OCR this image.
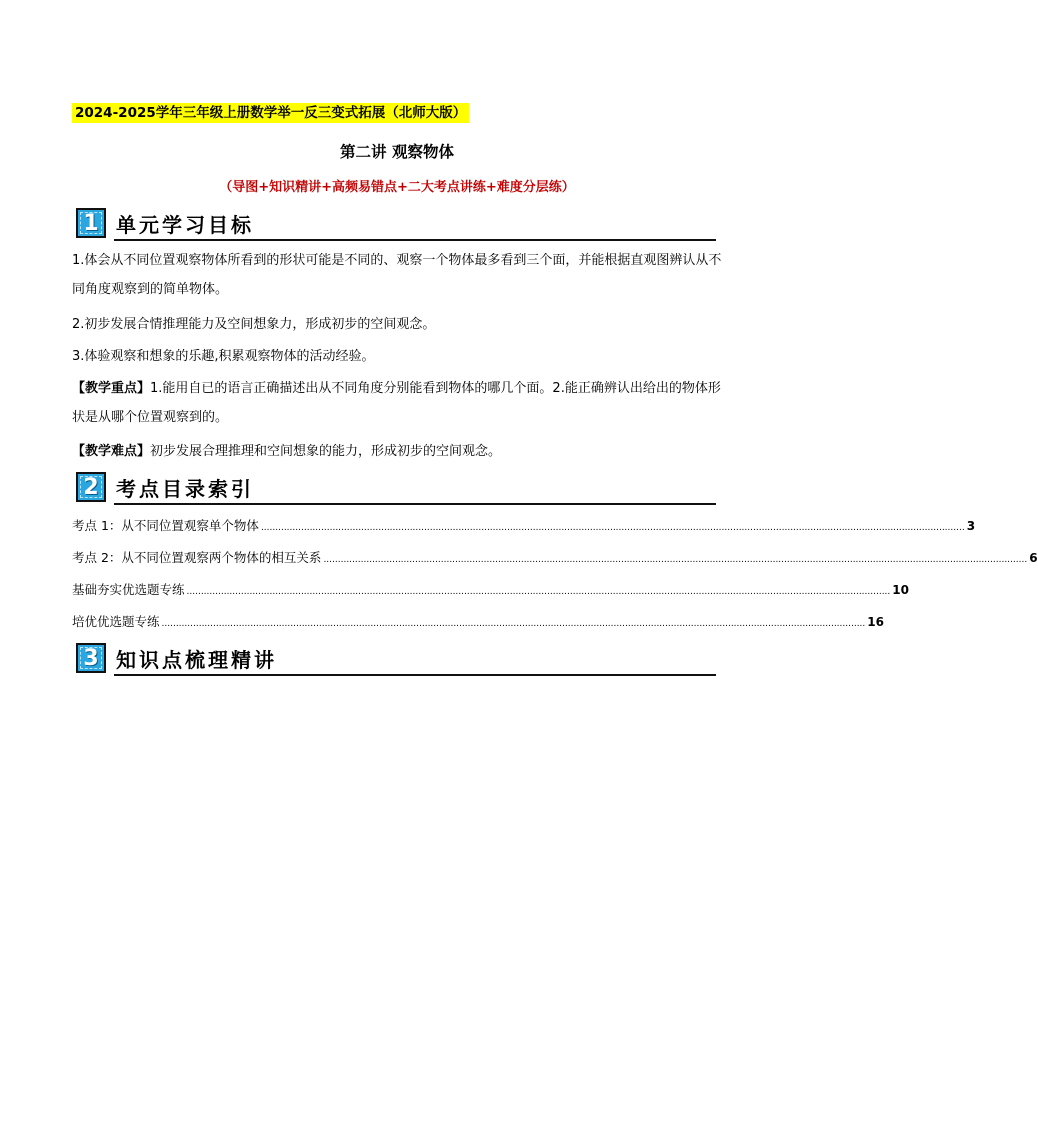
2024-2025学年三年级上册数学举一反三变式拓展（北师大版）
第二讲 观察物体
（导图+知识精讲+高频易错点+二大考点讲练+难度分层练）
1 单元学习目标
1.体会从不同位置观察物体所看到的形状可能是不同的、观察一个物体最多看到三个面，并能根据直观图辨认从不同角度观察到的简单物体。
2.初步发展合情推理能力及空间想象力，形成初步的空间观念。
3.体验观察和想象的乐趣,积累观察物体的活动经验。
【教学重点】1.能用自已的语言正确描述出从不同角度分别能看到物体的哪几个面。2.能正确辨认出给出的物体形状是从哪个位置观察到的。
【教学难点】初步发展合理推理和空间想象的能力，形成初步的空间观念。
2 考点目录索引
考点 1：从不同位置观察单个物体 ...................................................................................................................................................................................................................................................... 3
考点 2：从不同位置观察两个物体的相互关系 ...................................................................................................................................................................................................................................................... 6
基础夯实优选题专练 ...................................................................................................................................................................................................................................................... 10
培优优选题专练 ...................................................................................................................................................................................................................................................... 16
3 知识点梳理精讲
